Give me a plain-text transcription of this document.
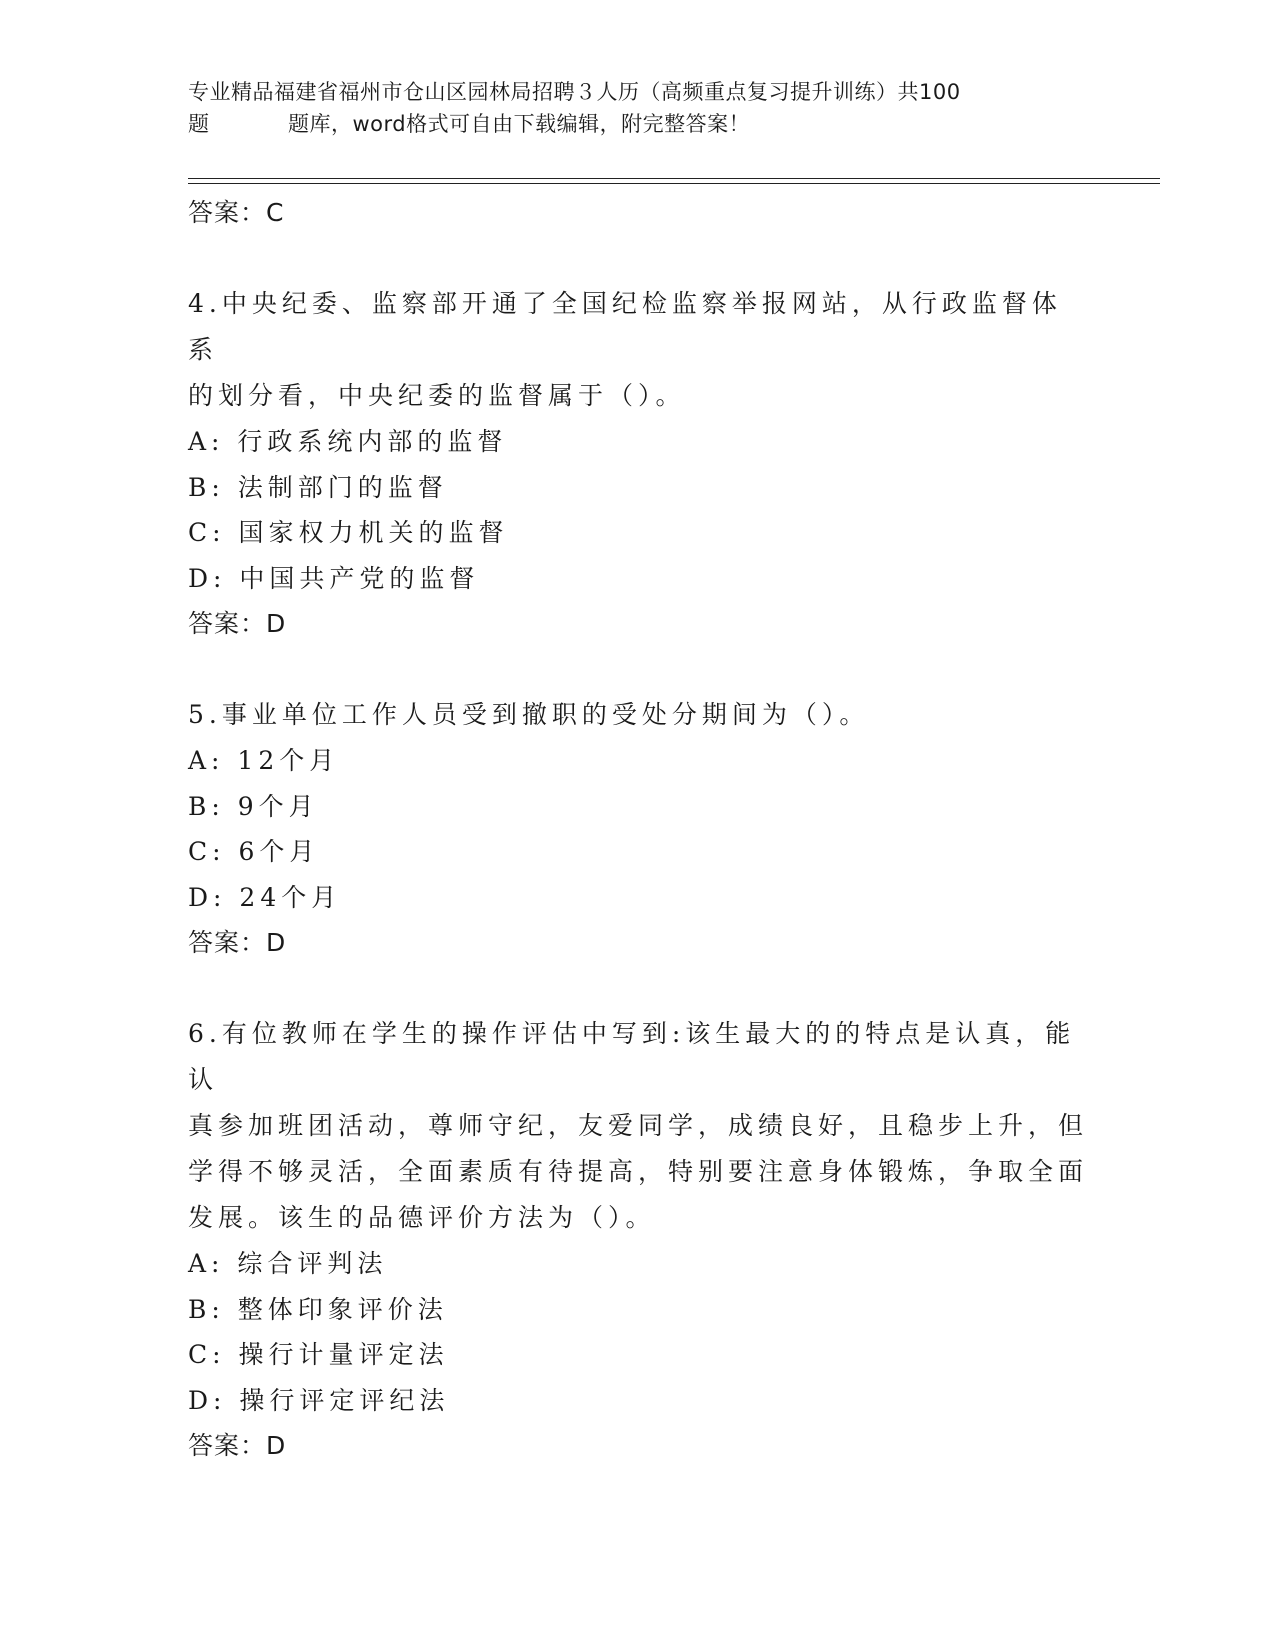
专业精品福建省福州市仓山区园林局招聘３人历（高频重点复习提升训练）共100
题	题库，word格式可自由下载编辑，附完整答案！
答案：C
4.中央纪委、监察部开通了全国纪检监察举报网站，从行政监督体系
的划分看，中央纪委的监督属于（）。
A: 行政系统内部的监督
B: 法制部门的监督
C: 国家权力机关的监督
D: 中国共产党的监督
答案：D
5.事业单位工作人员受到撤职的受处分期间为（）。
A: 12个月
B: 9个月
C: 6个月
D: 24个月
答案：D
6.有位教师在学生的操作评估中写到:该生最大的的特点是认真，能认
真参加班团活动，尊师守纪，友爱同学，成绩良好，且稳步上升，但
学得不够灵活，全面素质有待提高，特别要注意身体锻炼，争取全面
发展。该生的品德评价方法为（）。
A: 综合评判法
B: 整体印象评价法
C: 操行计量评定法
D: 操行评定评纪法
答案：D
